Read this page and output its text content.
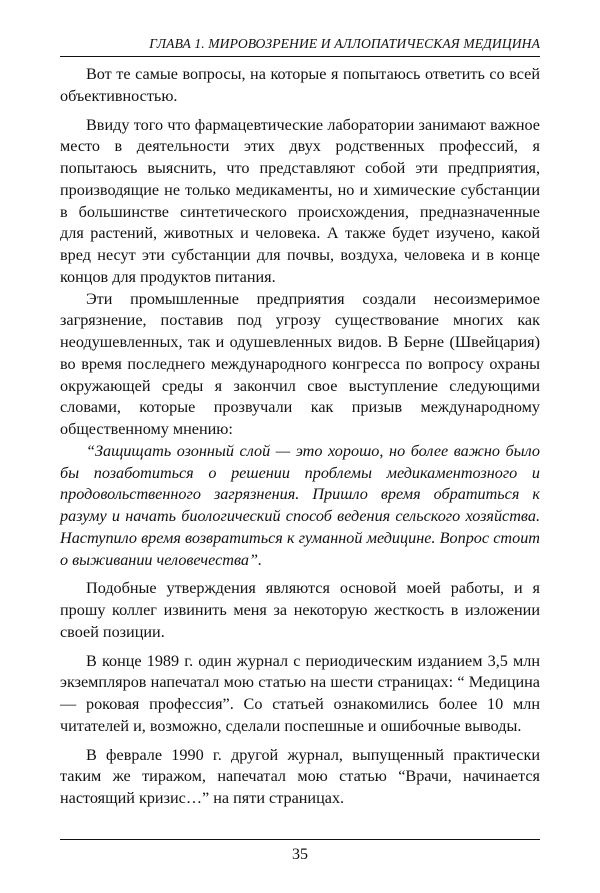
ГЛАВА 1. МИРОВОЗРЕНИЕ И АЛЛОПАТИЧЕСКАЯ МЕДИЦИНА

Вот те самые вопросы, на которые я попытаюсь ответить со всей объективностью.

Ввиду того что фармацевтические лаборатории занимают важное место в деятельности этих двух родственных профессий, я попытаюсь выяснить, что представляют собой эти предприятия, производящие не только медикаменты, но и химические субстанции в большинстве синтетического происхождения, предназначенные для растений, животных и человека. А также будет изучено, какой вред несут эти субстанции для почвы, воздуха, человека и в конце концов для продуктов питания.

Эти промышленные предприятия создали несоизмеримое загрязнение, поставив под угрозу существование многих как неодушевленных, так и одушевленных видов. В Берне (Швейцария) во время последнего международного конгресса по вопросу охраны окружающей среды я закончил свое выступление следующими словами, которые прозвучали как призыв международному общественному мнению:

“Защищать озонный слой — это хорошо, но более важно было бы позаботиться о решении проблемы медикаментозного и продовольственного загрязнения. Пришло время обратиться к разуму и начать биологический способ ведения сельского хозяйства. Наступило время возвратиться к гуманной медицине. Вопрос стоит о выживании человечества”.

Подобные утверждения являются основой моей работы, и я прошу коллег извинить меня за некоторую жесткость в изложении своей позиции.

В конце 1989 г. один журнал с периодическим изданием 3,5 млн экземпляров напечатал мою статью на шести страницах: “ Медицина — роковая профессия”. Со статьей ознакомились более 10 млн читателей и, возможно, сделали поспешные и ошибочные выводы.

В феврале 1990 г. другой журнал, выпущенный практически таким же тиражом, напечатал мою статью “Врачи, начинается настоящий кризис…” на пяти страницах.

35
